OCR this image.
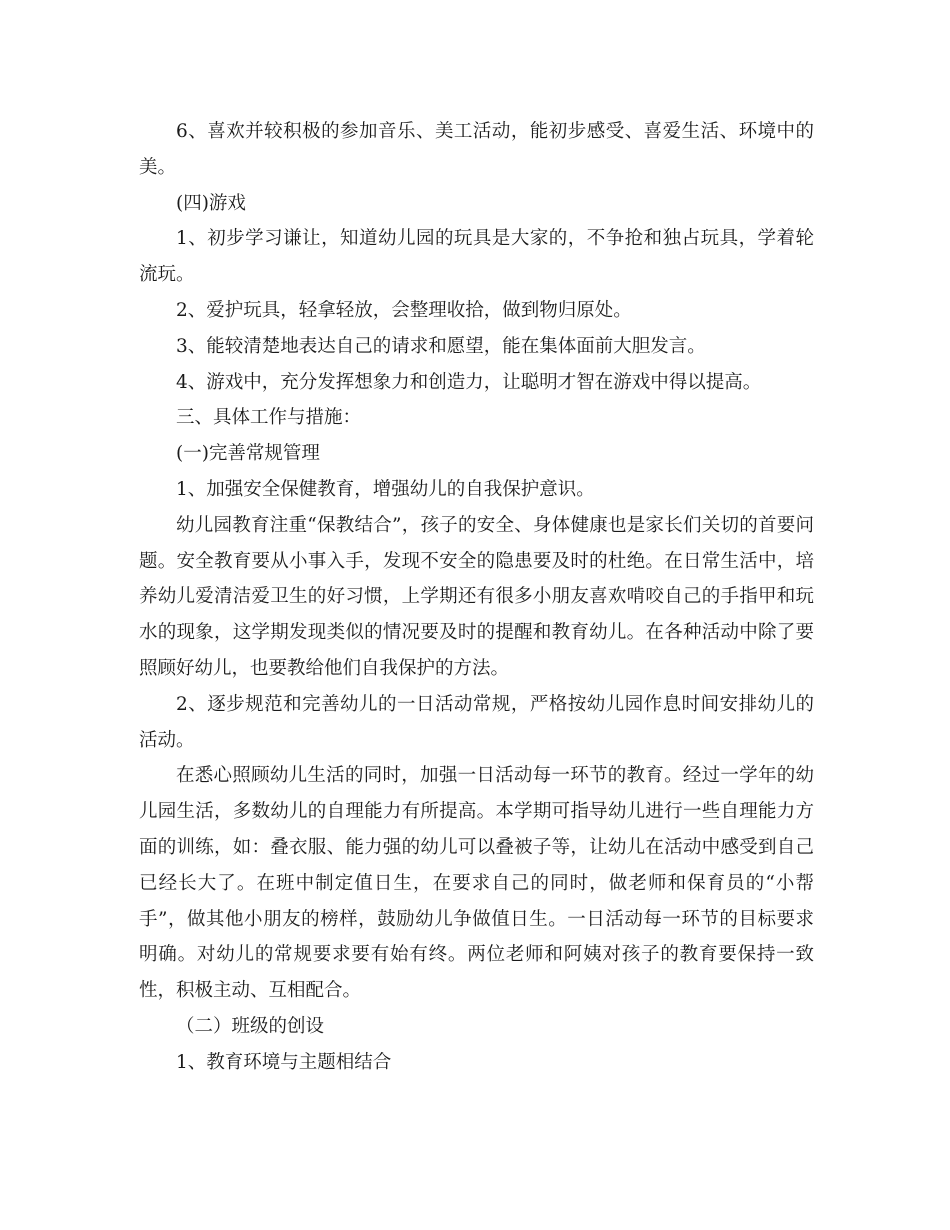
6、喜欢并较积极的参加音乐、美工活动，能初步感受、喜爱生活、环境中的美。

(四)游戏

1、初步学习谦让，知道幼儿园的玩具是大家的，不争抢和独占玩具，学着轮流玩。

2、爱护玩具，轻拿轻放，会整理收拾，做到物归原处。

3、能较清楚地表达自己的请求和愿望，能在集体面前大胆发言。

4、游戏中，充分发挥想象力和创造力，让聪明才智在游戏中得以提高。

三、具体工作与措施：

(一)完善常规管理

1、加强安全保健教育，增强幼儿的自我保护意识。

幼儿园教育注重“保教结合”，孩子的安全、身体健康也是家长们关切的首要问题。安全教育要从小事入手，发现不安全的隐患要及时的杜绝。在日常生活中，培养幼儿爱清洁爱卫生的好习惯，上学期还有很多小朋友喜欢啃咬自己的手指甲和玩水的现象，这学期发现类似的情况要及时的提醒和教育幼儿。在各种活动中除了要照顾好幼儿，也要教给他们自我保护的方法。

2、逐步规范和完善幼儿的一日活动常规，严格按幼儿园作息时间安排幼儿的活动。

在悉心照顾幼儿生活的同时，加强一日活动每一环节的教育。经过一学年的幼儿园生活，多数幼儿的自理能力有所提高。本学期可指导幼儿进行一些自理能力方面的训练，如：叠衣服、能力强的幼儿可以叠被子等，让幼儿在活动中感受到自己已经长大了。在班中制定值日生，在要求自己的同时，做老师和保育员的“小帮手”，做其他小朋友的榜样，鼓励幼儿争做值日生。一日活动每一环节的目标要求明确。对幼儿的常规要求要有始有终。两位老师和阿姨对孩子的教育要保持一致性，积极主动、互相配合。

（二）班级的创设

1、教育环境与主题相结合
